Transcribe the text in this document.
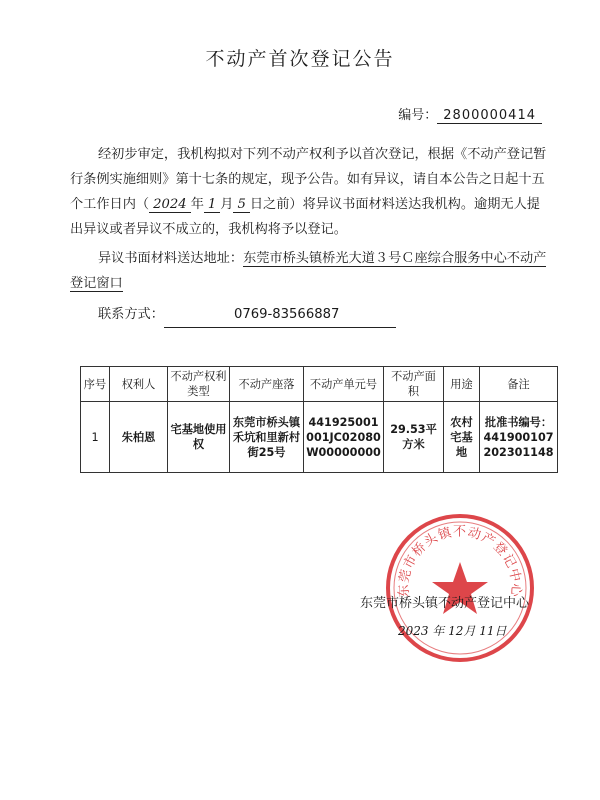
不动产首次登记公告
编号： 2800000414

经初步审定，我机构拟对下列不动产权利予以首次登记，根据《不动产登记暂行条例实施细则》第十七条的规定，现予公告。如有异议，请自本公告之日起十五个工作日内（ 2024 年 1 月 5 日之前）将异议书面材料送达我机构。逾期无人提出异议或者异议不成立的，我机构将予以登记。

异议书面材料送达地址：东莞市桥头镇桥光大道３号Ｃ座综合服务中心不动产登记窗口

联系方式：	0769-83566887

序号	权利人	不动产权利类型	不动产座落	不动产单元号	不动产面积	用途	备注
1	朱柏恩	宅基地使用权	东莞市桥头镇禾坑和里新村街25号	441925001001JC02080W00000000	29.53平方米	农村宅基地	批准书编号：441900107202301148
东莞市桥头镇不动产登记中心
东莞市桥头镇不动产登记中心
2023 年 12月 11日
